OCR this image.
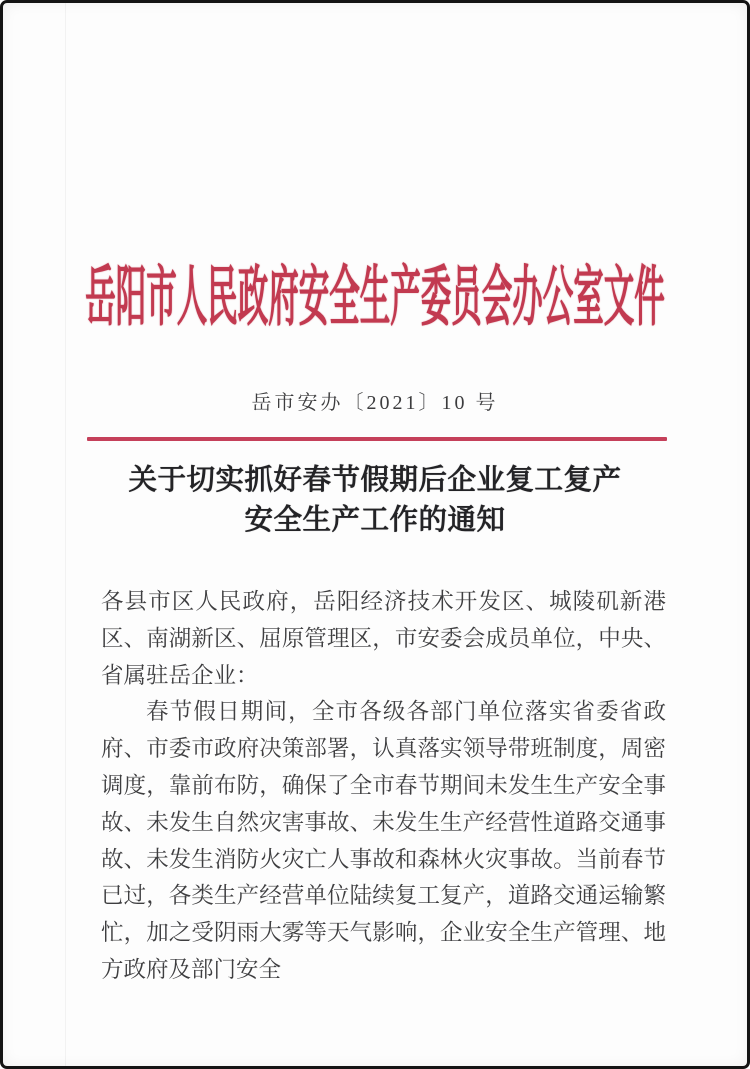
岳阳市人民政府安全生产委员会办公室文件
岳市安办〔2021〕10 号
关于切实抓好春节假期后企业复工复产
安全生产工作的通知

各县市区人民政府，岳阳经济技术开发区、城陵矶新港区、南湖新区、屈原管理区，市安委会成员单位，中央、省属驻岳企业：

春节假日期间，全市各级各部门单位落实省委省政府、市委市政府决策部署，认真落实领导带班制度，周密调度，靠前布防，确保了全市春节期间未发生生产安全事故、未发生自然灾害事故、未发生生产经营性道路交通事故、未发生消防火灾亡人事故和森林火灾事故。当前春节已过，各类生产经营单位陆续复工复产，道路交通运输繁忙，加之受阴雨大雾等天气影响，企业安全生产管理、地方政府及部门安全
